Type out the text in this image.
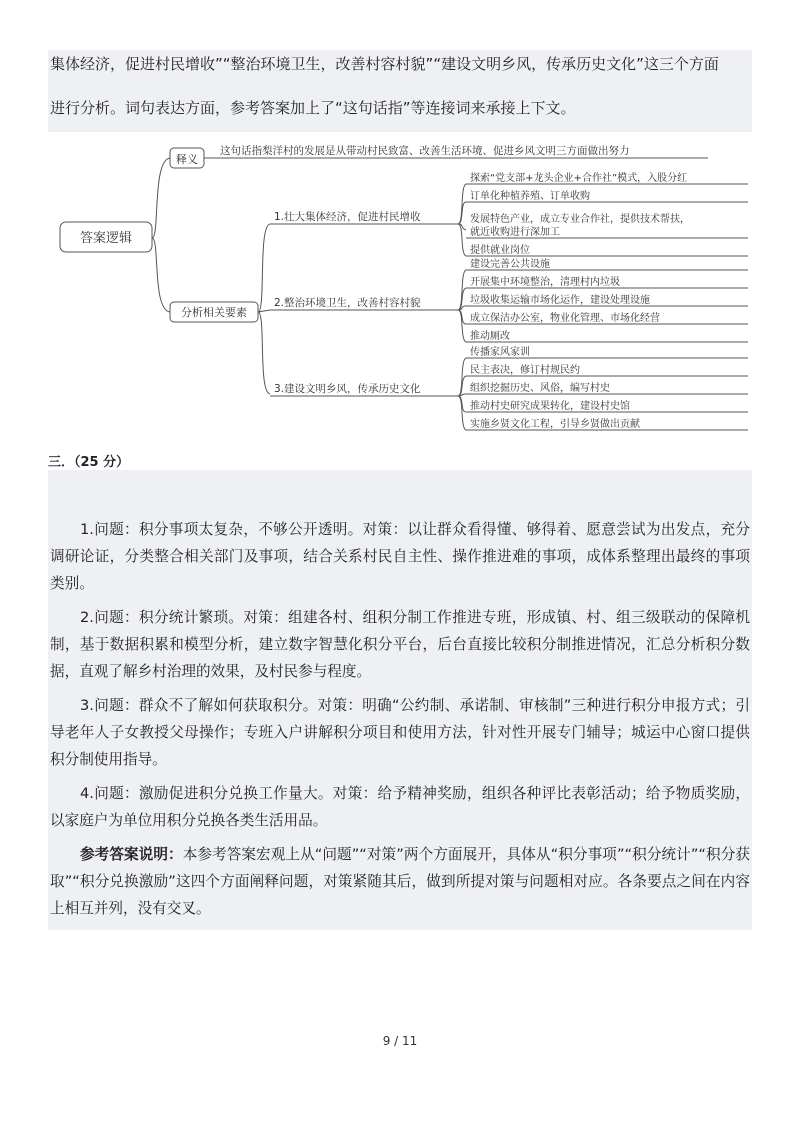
集体经济，促进村民增收”“整治环境卫生，改善村容村貌”“建设文明乡风，传承历史文化”这三个方面

进行分析。词句表达方面，参考答案加上了“这句话指”等连接词来承接上下文。

答案逻辑
释义
这句话指梨洋村的发展是从带动村民致富、改善生活环境、促进乡风文明三方面做出努力
分析相关要素
1.壮大集体经济，促进村民增收
2.整治环境卫生，改善村容村貌
3.建设文明乡风，传承历史文化
探索“党支部+龙头企业+合作社”模式，入股分红
订单化种植养殖、订单收购
发展特色产业，成立专业合作社，提供技术帮扶，
就近收购进行深加工
提供就业岗位
建设完善公共设施
开展集中环境整治，清理村内垃圾
垃圾收集运输市场化运作，建设处理设施
成立保洁办公室，物业化管理、市场化经营
推动厕改
传播家风家训
民主表决，修订村规民约
组织挖掘历史、风俗，编写村史
推动村史研究成果转化，建设村史馆
实施乡贤文化工程，引导乡贤做出贡献
三．（25 分）

1.问题：积分事项太复杂，不够公开透明。对策：以让群众看得懂、够得着、愿意尝试为出发点，充分调研论证，分类整合相关部门及事项，结合关系村民自主性、操作推进难的事项，成体系整理出最终的事项类别。

2.问题：积分统计繁琐。对策：组建各村、组积分制工作推进专班，形成镇、村、组三级联动的保障机制，基于数据积累和模型分析，建立数字智慧化积分平台，后台直接比较积分制推进情况，汇总分析积分数据，直观了解乡村治理的效果，及村民参与程度。

3.问题：群众不了解如何获取积分。对策：明确“公约制、承诺制、审核制”三种进行积分申报方式；引导老年人子女教授父母操作；专班入户讲解积分项目和使用方法，针对性开展专门辅导；城运中心窗口提供积分制使用指导。

4.问题：激励促进积分兑换工作量大。对策：给予精神奖励，组织各种评比表彰活动；给予物质奖励，以家庭户为单位用积分兑换各类生活用品。

参考答案说明：本参考答案宏观上从“问题”“对策”两个方面展开，具体从“积分事项”“积分统计”“积分获取”“积分兑换激励”这四个方面阐释问题，对策紧随其后，做到所提对策与问题相对应。各条要点之间在内容上相互并列，没有交叉。

9 / 11
